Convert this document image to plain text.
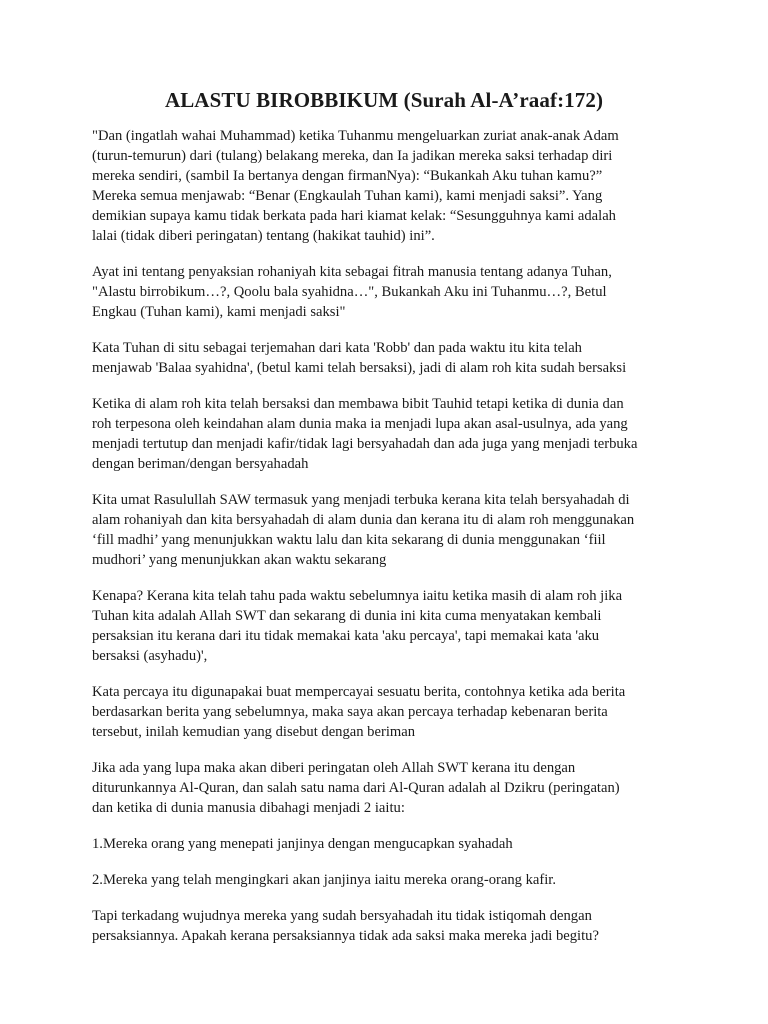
ALASTU BIROBBIKUM (Surah Al-A’raaf:172)

"Dan (ingatlah wahai Muhammad) ketika Tuhanmu mengeluarkan zuriat anak-anak Adam
(turun-temurun) dari (tulang) belakang mereka, dan Ia jadikan mereka saksi terhadap diri
mereka sendiri, (sambil Ia bertanya dengan firmanNya): “Bukankah Aku tuhan kamu?”
Mereka semua menjawab: “Benar (Engkaulah Tuhan kami), kami menjadi saksi”. Yang
demikian supaya kamu tidak berkata pada hari kiamat kelak: “Sesungguhnya kami adalah
lalai (tidak diberi peringatan) tentang (hakikat tauhid) ini”.

Ayat ini tentang penyaksian rohaniyah kita sebagai fitrah manusia tentang adanya Tuhan,
"Alastu birrobikum…?, Qoolu bala syahidna…", Bukankah Aku ini Tuhanmu…?, Betul
Engkau (Tuhan kami), kami menjadi saksi"

Kata Tuhan di situ sebagai terjemahan dari kata 'Robb' dan pada waktu itu kita telah
menjawab 'Balaa syahidna', (betul kami telah bersaksi), jadi di alam roh kita sudah bersaksi

Ketika di alam roh kita telah bersaksi dan membawa bibit Tauhid tetapi ketika di dunia dan
roh terpesona oleh keindahan alam dunia maka ia menjadi lupa akan asal-usulnya, ada yang
menjadi tertutup dan menjadi kafir/tidak lagi bersyahadah dan ada juga yang menjadi terbuka
dengan beriman/dengan bersyahadah

Kita umat Rasulullah SAW termasuk yang menjadi terbuka kerana kita telah bersyahadah di
alam rohaniyah dan kita bersyahadah di alam dunia dan kerana itu di alam roh menggunakan
‘fill madhi’ yang menunjukkan waktu lalu dan kita sekarang di dunia menggunakan ‘fiil
mudhori’ yang menunjukkan akan waktu sekarang

Kenapa? Kerana kita telah tahu pada waktu sebelumnya iaitu ketika masih di alam roh jika
Tuhan kita adalah Allah SWT dan sekarang di dunia ini kita cuma menyatakan kembali
persaksian itu kerana dari itu tidak memakai kata 'aku percaya', tapi memakai kata 'aku
bersaksi (asyhadu)',

Kata percaya itu digunapakai buat mempercayai sesuatu berita, contohnya ketika ada berita
berdasarkan berita yang sebelumnya, maka saya akan percaya terhadap kebenaran berita
tersebut, inilah kemudian yang disebut dengan beriman

Jika ada yang lupa maka akan diberi peringatan oleh Allah SWT kerana itu dengan
diturunkannya Al-Quran, dan salah satu nama dari Al-Quran adalah al Dzikru (peringatan)
dan ketika di dunia manusia dibahagi menjadi 2 iaitu:

1.Mereka orang yang menepati janjinya dengan mengucapkan syahadah

2.Mereka yang telah mengingkari akan janjinya iaitu mereka orang-orang kafir.

Tapi terkadang wujudnya mereka yang sudah bersyahadah itu tidak istiqomah dengan
persaksiannya. Apakah kerana persaksiannya tidak ada saksi maka mereka jadi begitu?
